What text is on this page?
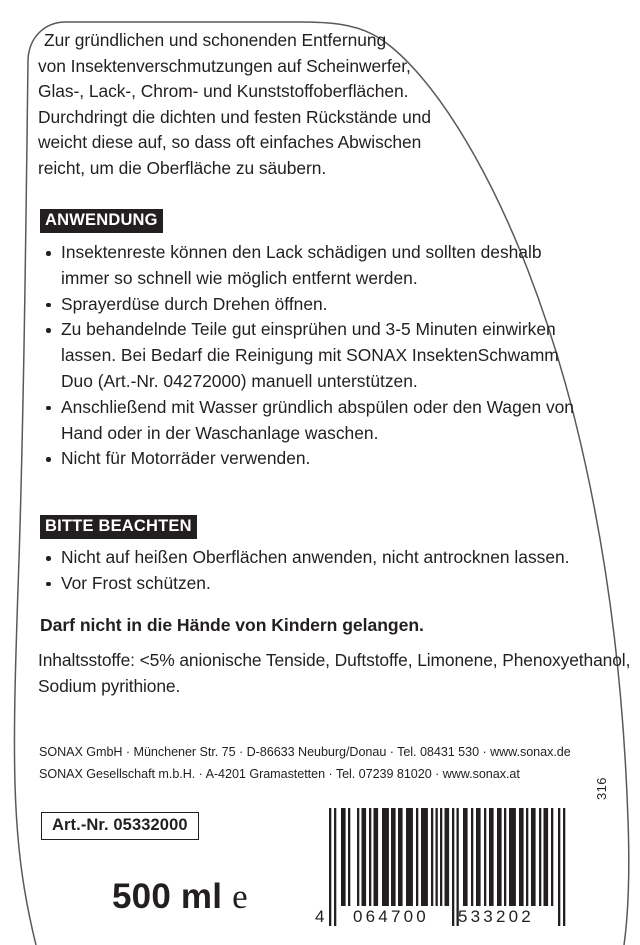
Zur gründlichen und schonenden Entfernung
von Insektenverschmutzungen auf Scheinwerfer,
Glas-, Lack-, Chrom- und Kunststoffoberflächen.
Durchdringt die dichten und festen Rückstände und
weicht diese auf, so dass oft einfaches Abwischen
reicht, um die Oberfläche zu säubern.
ANWENDUNG
Insektenreste können den Lack schädigen und sollten deshalb
immer so schnell wie möglich entfernt werden.
Sprayerdüse durch Drehen öffnen.
Zu behandelnde Teile gut einsprühen und 3-5 Minuten einwirken
lassen. Bei Bedarf die Reinigung mit SONAX InsektenSchwamm
Duo (Art.-Nr. 04272000) manuell unterstützen.
Anschließend mit Wasser gründlich abspülen oder den Wagen von
Hand oder in der Waschanlage waschen.
Nicht für Motorräder verwenden.
BITTE BEACHTEN
Nicht auf heißen Oberflächen anwenden, nicht antrocknen lassen.
Vor Frost schützen.
Darf nicht in die Hände von Kindern gelangen.
Inhaltsstoffe: <5% anionische Tenside, Duftstoffe, Limonene, Phenoxyethanol,
Sodium pyrithione.
SONAX GmbH · Münchener Str. 75 · D-86633 Neuburg/Donau · Tel. 08431 530 · www.sonax.de
SONAX Gesellschaft m.b.H. · A-4201 Gramastetten · Tel. 07239 81020 · www.sonax.at
Art.-Nr. 05332000
500 ml e
4 064700 533202
316
